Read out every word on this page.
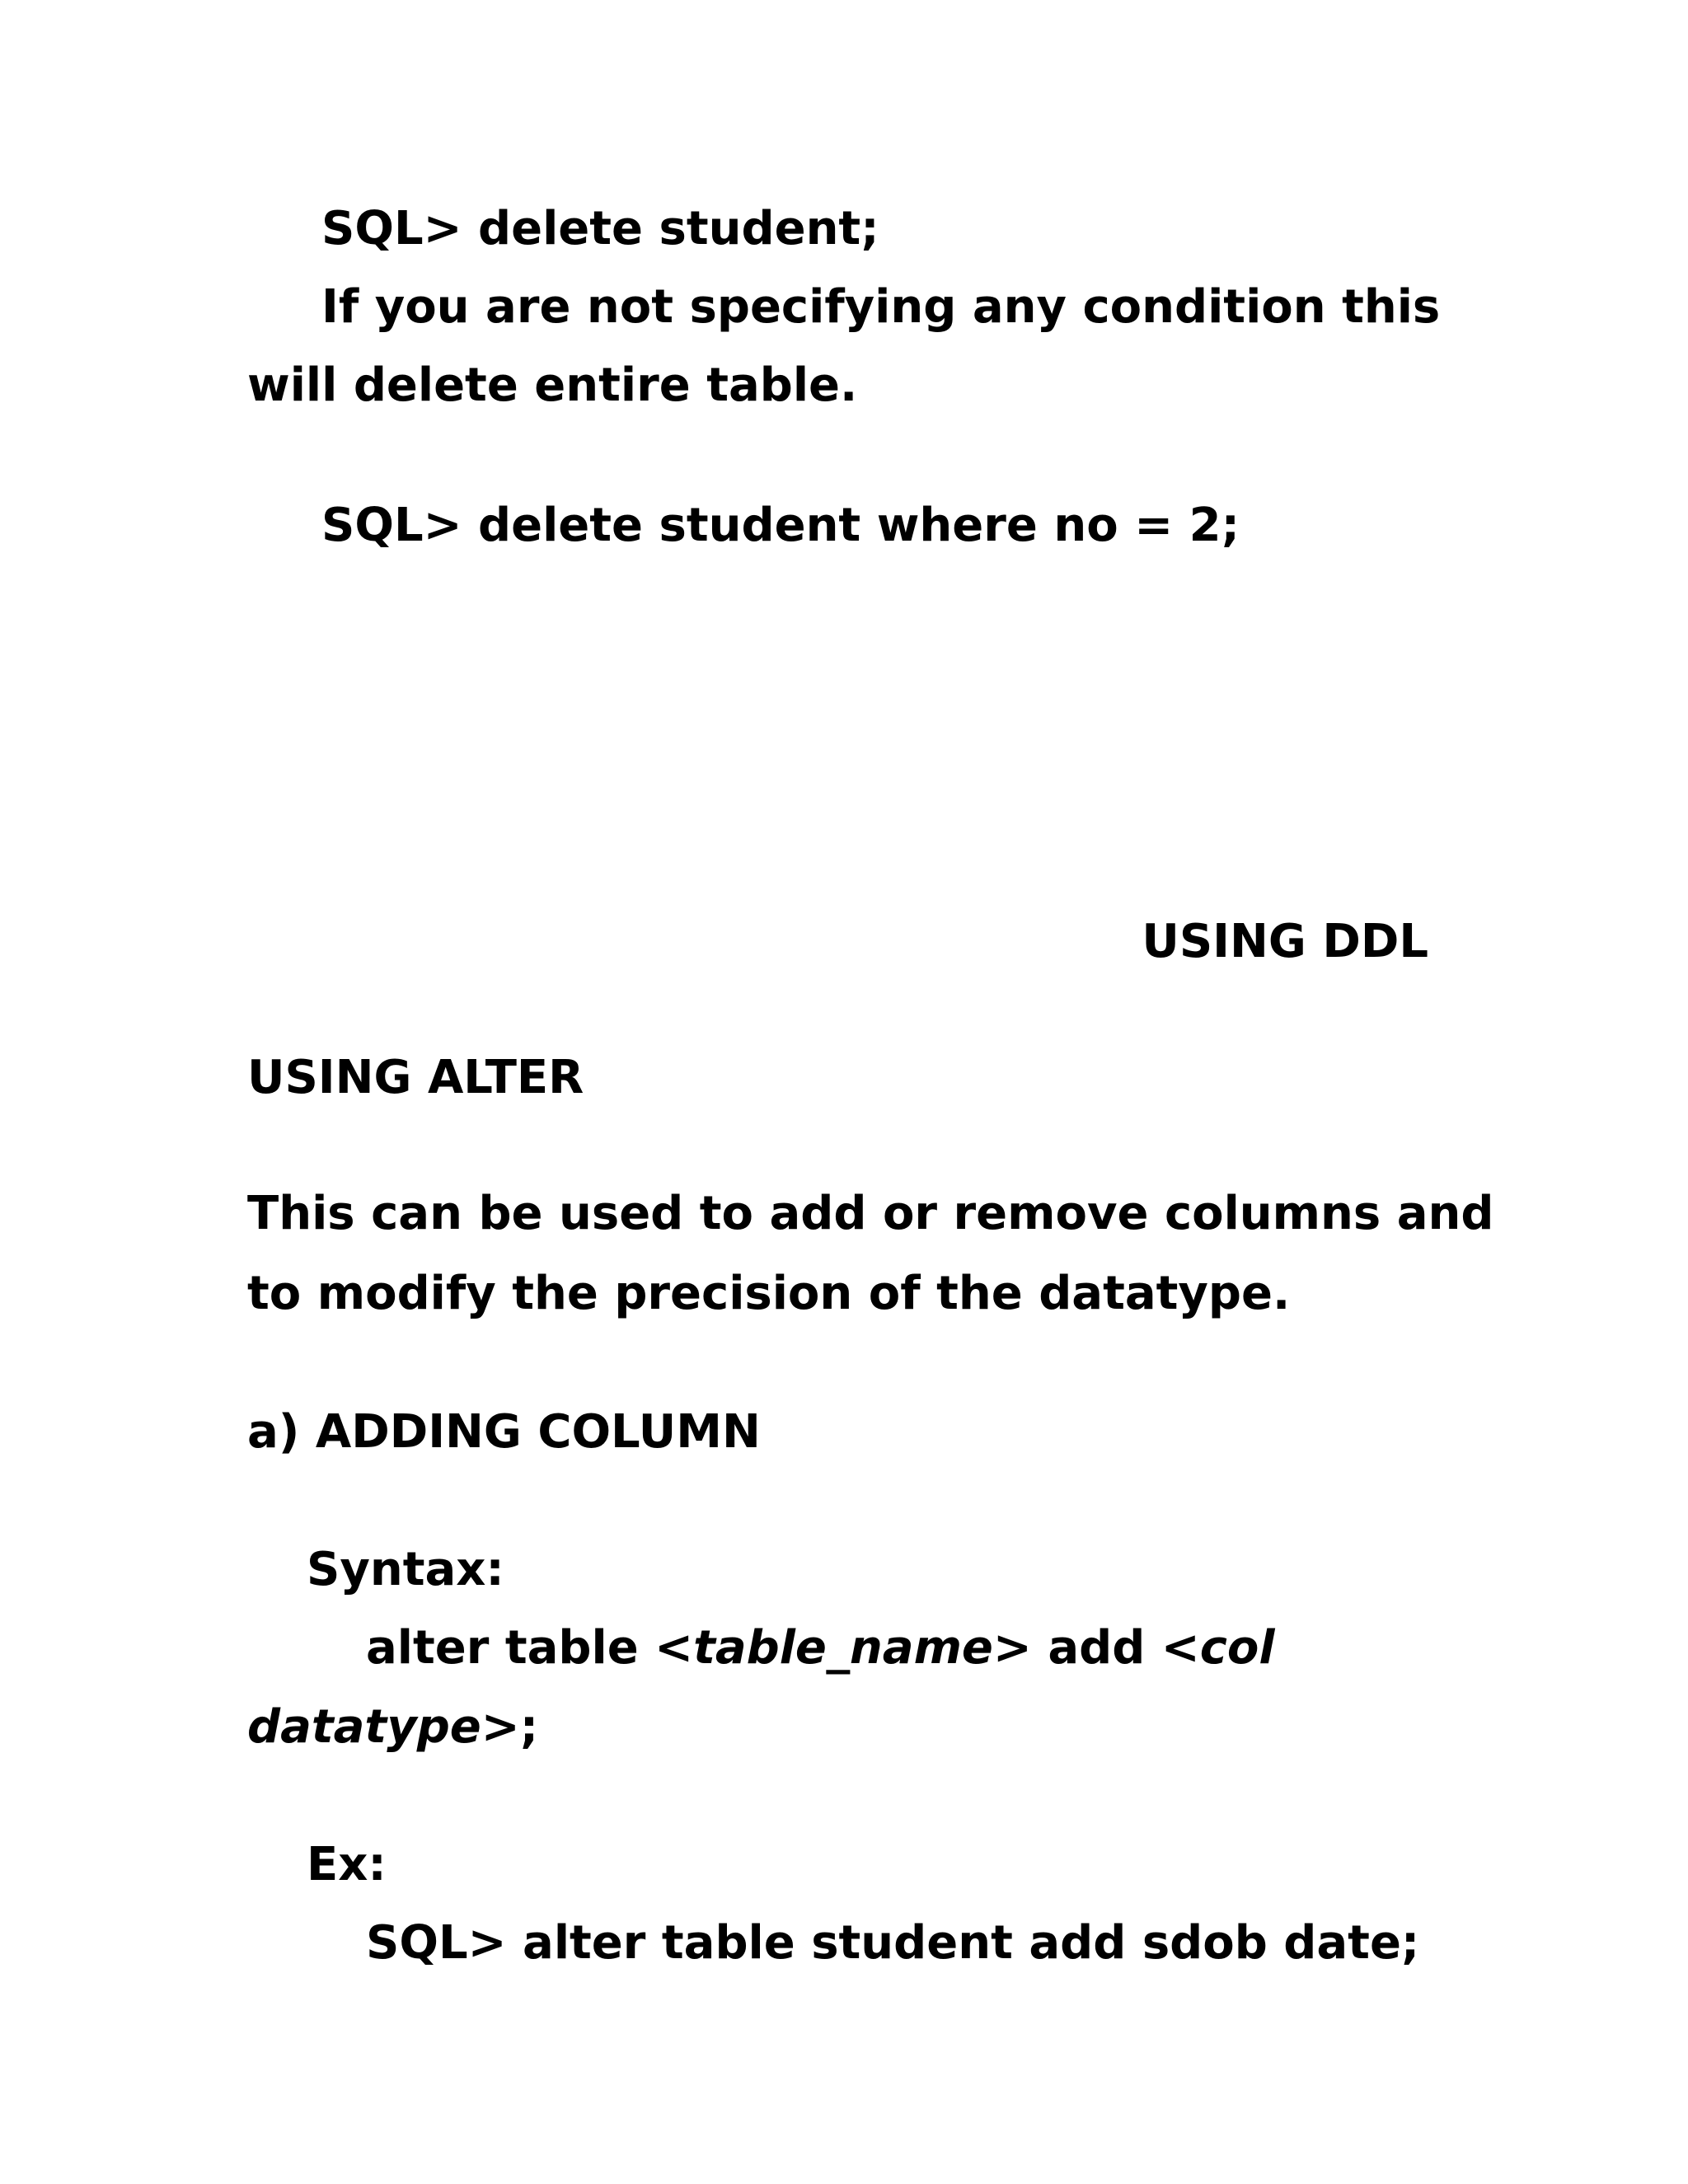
SQL> delete student;
If you are not specifying any condition this
will delete entire table.
SQL> delete student where no = 2;
USING DDL
USING ALTER
This can be used to add or remove columns and
to modify the precision of the datatype.
a) ADDING COLUMN
Syntax:
alter table <table_name> add <col
datatype>;
Ex:
SQL> alter table student add sdob date;
